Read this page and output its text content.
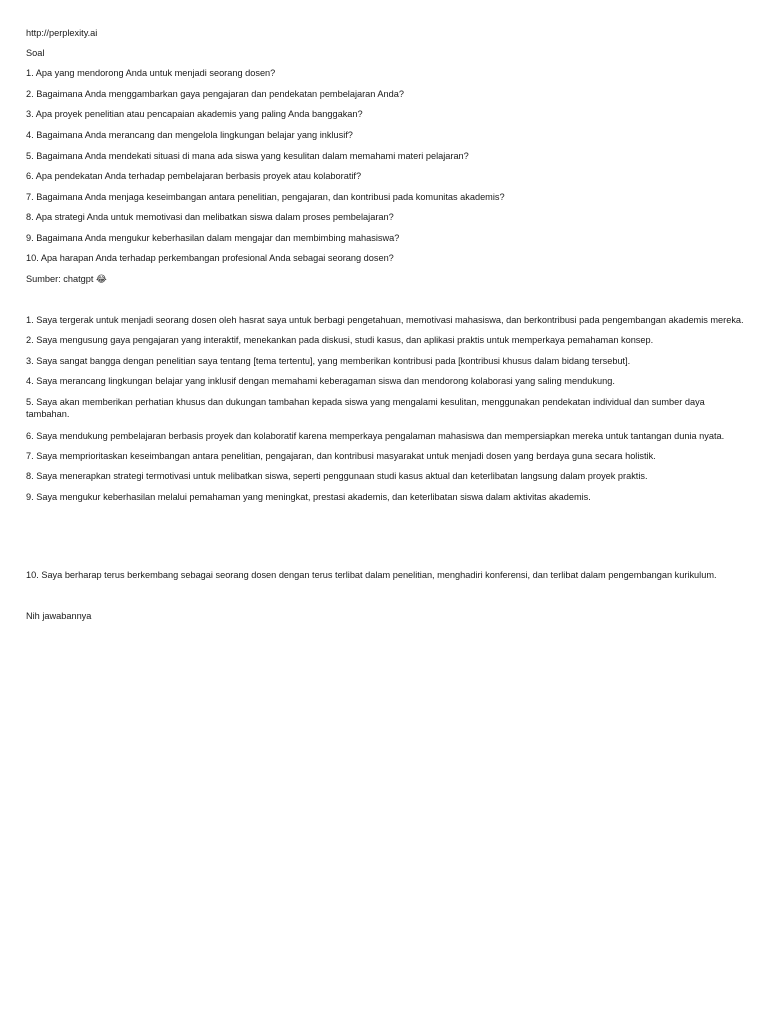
http://perplexity.ai
Soal
1. Apa yang mendorong Anda untuk menjadi seorang dosen?
2. Bagaimana Anda menggambarkan gaya pengajaran dan pendekatan pembelajaran Anda?
3. Apa proyek penelitian atau pencapaian akademis yang paling Anda banggakan?
4. Bagaimana Anda merancang dan mengelola lingkungan belajar yang inklusif?
5. Bagaimana Anda mendekati situasi di mana ada siswa yang kesulitan dalam memahami materi pelajaran?
6. Apa pendekatan Anda terhadap pembelajaran berbasis proyek atau kolaboratif?
7. Bagaimana Anda menjaga keseimbangan antara penelitian, pengajaran, dan kontribusi pada komunitas akademis?
8. Apa strategi Anda untuk memotivasi dan melibatkan siswa dalam proses pembelajaran?
9. Bagaimana Anda mengukur keberhasilan dalam mengajar dan membimbing mahasiswa?
10. Apa harapan Anda terhadap perkembangan profesional Anda sebagai seorang dosen?
Sumber: chatgpt 😂
1. Saya tergerak untuk menjadi seorang dosen oleh hasrat saya untuk berbagi pengetahuan, memotivasi mahasiswa, dan berkontribusi pada pengembangan akademis mereka.
2. Saya mengusung gaya pengajaran yang interaktif, menekankan pada diskusi, studi kasus, dan aplikasi praktis untuk memperkaya pemahaman konsep.
3. Saya sangat bangga dengan penelitian saya tentang [tema tertentu], yang memberikan kontribusi pada [kontribusi khusus dalam bidang tersebut].
4. Saya merancang lingkungan belajar yang inklusif dengan memahami keberagaman siswa dan mendorong kolaborasi yang saling mendukung.
5. Saya akan memberikan perhatian khusus dan dukungan tambahan kepada siswa yang mengalami kesulitan, menggunakan pendekatan individual dan sumber daya tambahan.
6. Saya mendukung pembelajaran berbasis proyek dan kolaboratif karena memperkaya pengalaman mahasiswa dan mempersiapkan mereka untuk tantangan dunia nyata.
7. Saya memprioritaskan keseimbangan antara penelitian, pengajaran, dan kontribusi masyarakat untuk menjadi dosen yang berdaya guna secara holistik.
8. Saya menerapkan strategi termotivasi untuk melibatkan siswa, seperti penggunaan studi kasus aktual dan keterlibatan langsung dalam proyek praktis.
9. Saya mengukur keberhasilan melalui pemahaman yang meningkat, prestasi akademis, dan keterlibatan siswa dalam aktivitas akademis.
10. Saya berharap terus berkembang sebagai seorang dosen dengan terus terlibat dalam penelitian, menghadiri konferensi, dan terlibat dalam pengembangan kurikulum.
Nih jawabannya
